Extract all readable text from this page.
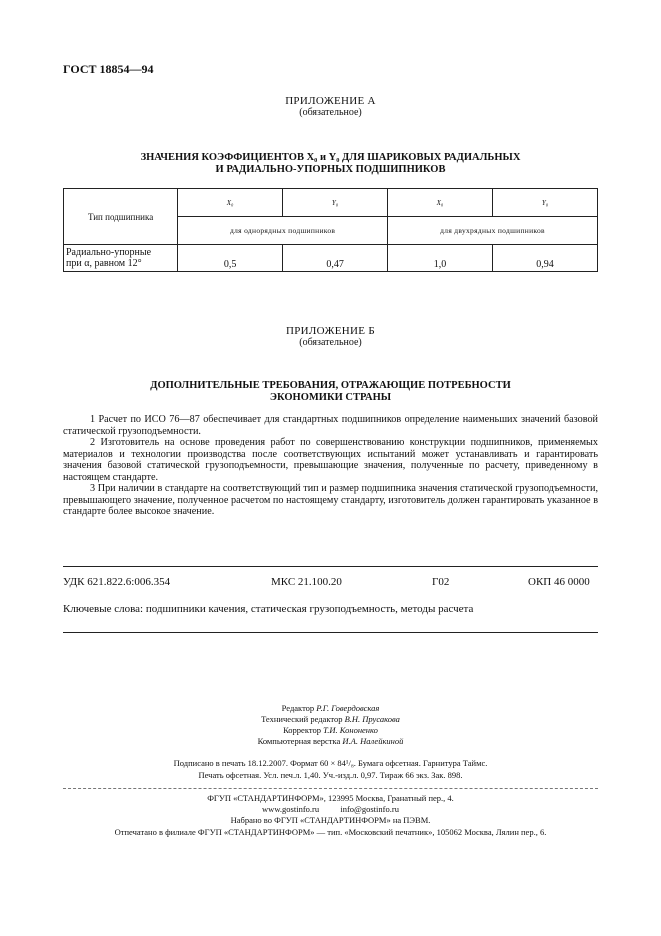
ГОСТ 18854—94
ПРИЛОЖЕНИЕ А
(обязательное)
ЗНАЧЕНИЯ КОЭФФИЦИЕНТОВ X₀ и Y₀ ДЛЯ ШАРИКОВЫХ РАДИАЛЬНЫХ
И РАДИАЛЬНО-УПОРНЫХ ПОДШИПНИКОВ
Тип подшипника	X₀	Y₀	X₀	Y₀
	для однорядных подшипников		для двухрядных подшипников	

Радиально-упорные
при α, равном 12°	0,5	0,47	1,0	0,94
ПРИЛОЖЕНИЕ Б
(обязательное)
ДОПОЛНИТЕЛЬНЫЕ ТРЕБОВАНИЯ, ОТРАЖАЮЩИЕ ПОТРЕБНОСТИ
ЭКОНОМИКИ СТРАНЫ

1 Расчет по ИСО 76—87 обеспечивает для стандартных подшипников определение наименьших значений базовой статической грузоподъемности.

2 Изготовитель на основе проведения работ по совершенствованию конструкции подшипников, применяемых материалов и технологии производства после соответствующих испытаний может устанавливать и гарантировать значения базовой статической грузоподъемности, превышающие значения, полученные по расчету, приведенному в настоящем стандарте.

3 При наличии в стандарте на соответствующий тип и размер подшипника значения статической грузоподъемности, превышающего значение, полученное расчетом по настоящему стандарту, изготовитель должен гарантировать указанное в стандарте более высокое значение.

УДК 621.822.6:006.354	МКС 21.100.20	Г02	ОКП 46 0000
Ключевые слова: подшипники качения, статическая грузоподъемность, методы расчета
Редактор Р.Г. Говердовская
Технический редактор В.Н. Прусакова
Корректор Т.И. Кононенко
Компьютерная верстка И.А. Налейкиной
Подписано в печать 18.12.2007. Формат 60 × 84¹/₈. Бумага офсетная. Гарнитура Таймс.
Печать офсетная. Усл. печ.л. 1,40. Уч.-изд.л. 0,97. Тираж 66 экз. Зак. 898.
ФГУП «СТАНДАРТИНФОРМ», 123995 Москва, Гранатный пер., 4.
www.gostinfo.ru	info@gostinfo.ru
Набрано во ФГУП «СТАНДАРТИНФОРМ» на ПЭВМ.
Отпечатано в филиале ФГУП «СТАНДАРТИНФОРМ» — тип. «Московский печатник», 105062 Москва, Лялин пер., 6.
